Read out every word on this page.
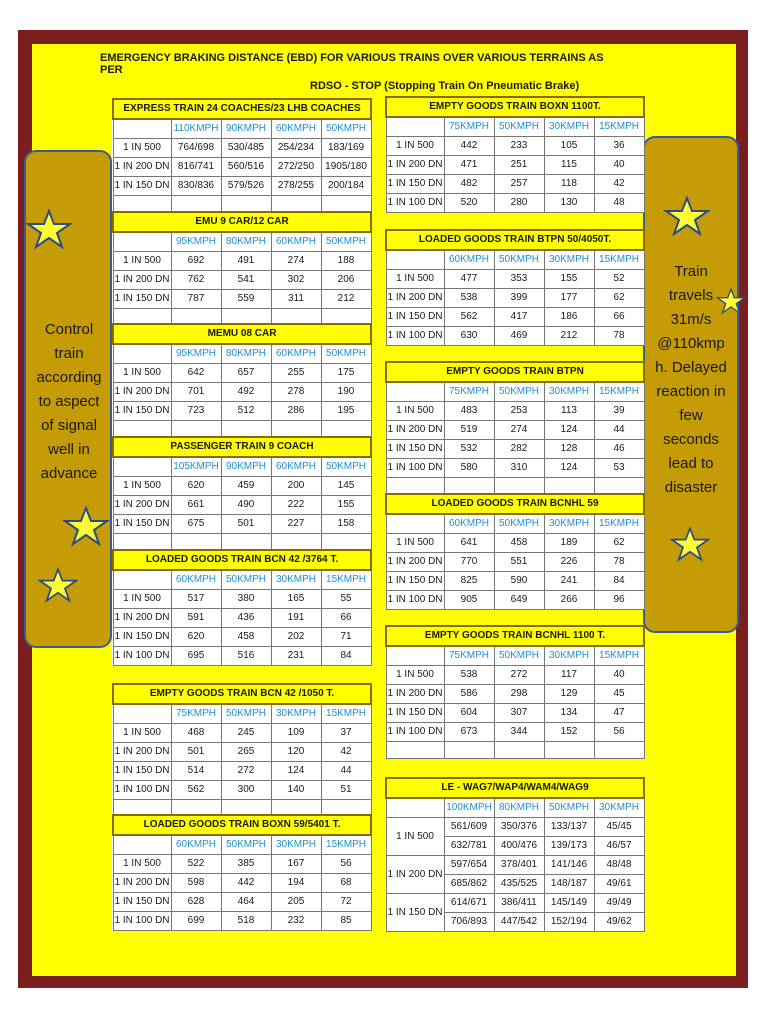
EMERGENCY BRAKING DISTANCE (EBD) FOR VARIOUS TRAINS OVER VARIOUS TERRAINS AS PER
RDSO - STOP (Stopping Train On Pneumatic Brake)
Control
train
according
to aspect
of signal
well in
advance
Train
travels
31m/s
@110kmp
h. Delayed
reaction in
few
seconds
lead to
disaster
EXPRESS TRAIN 24 COACHES/23 LHB COACHES				
	110KMPH	90KMPH	60KMPH	50KMPH
1 IN 500	764/698	530/485	254/234	183/169
1 IN 200 DN	816/741	560/516	272/250	1905/180
1 IN 150 DN	830/836	579/526	278/255	200/184

EMU 9 CAR/12 CAR				
	95KMPH	80KMPH	60KMPH	50KMPH
1 IN 500	692	491	274	188
1 IN 200 DN	762	541	302	206
1 IN 150 DN	787	559	311	212

MEMU 08 CAR				
	95KMPH	80KMPH	60KMPH	50KMPH
1 IN 500	642	657	255	175
1 IN 200 DN	701	492	278	190
1 IN 150 DN	723	512	286	195

PASSENGER TRAIN 9 COACH				
	105KMPH	90KMPH	60KMPH	50KMPH
1 IN 500	620	459	200	145
1 IN 200 DN	661	490	222	155
1 IN 150 DN	675	501	227	158

LOADED GOODS TRAIN BCN 42 /3764 T.				
	60KMPH	50KMPH	30KMPH	15KMPH
1 IN 500	517	380	165	55
1 IN 200 DN	591	436	191	66
1 IN 150 DN	620	458	202	71
1 IN 100 DN	695	516	231	84
EMPTY GOODS TRAIN BCN 42 /1050 T.				
	75KMPH	50KMPH	30KMPH	15KMPH
1 IN 500	468	245	109	37
1 IN 200 DN	501	265	120	42
1 IN 150 DN	514	272	124	44
1 IN 100 DN	562	300	140	51

LOADED GOODS TRAIN BOXN 59/5401 T.				
	60KMPH	50KMPH	30KMPH	15KMPH
1 IN 500	522	385	167	56
1 IN 200 DN	598	442	194	68
1 IN 150 DN	628	464	205	72
1 IN 100 DN	699	518	232	85
EMPTY GOODS TRAIN BOXN 1100T.				
	75KMPH	50KMPH	30KMPH	15KMPH
1 IN 500	442	233	105	36
1 IN 200 DN	471	251	115	40
1 IN 150 DN	482	257	118	42
1 IN 100 DN	520	280	130	48
LOADED GOODS TRAIN BTPN 50/4050T.				
	60KMPH	50KMPH	30KMPH	15KMPH
1 IN 500	477	353	155	52
1 IN 200 DN	538	399	177	62
1 IN 150 DN	562	417	186	66
1 IN 100 DN	630	469	212	78
EMPTY GOODS TRAIN BTPN				
	75KMPH	50KMPH	30KMPH	15KMPH
1 IN 500	483	253	113	39
1 IN 200 DN	519	274	124	44
1 IN 150 DN	532	282	128	46
1 IN 100 DN	580	310	124	53

LOADED GOODS TRAIN BCNHL 59				
	60KMPH	50KMPH	30KMPH	15KMPH
1 IN 500	641	458	189	62
1 IN 200 DN	770	551	226	78
1 IN 150 DN	825	590	241	84
1 IN 100 DN	905	649	266	96
EMPTY GOODS TRAIN BCNHL 1100 T.				
	75KMPH	50KMPH	30KMPH	15KMPH
1 IN 500	538	272	117	40
1 IN 200 DN	586	298	129	45
1 IN 150 DN	604	307	134	47
1 IN 100 DN	673	344	152	56

LE - WAG7/WAP4/WAM4/WAG9				
	100KMPH	80KMPH	50KMPH	30KMPH
1 IN 500	561/609	350/376	133/137	45/45
	632/781	400/476	139/173	46/57
1 IN 200 DN	597/654	378/401	141/146	48/48
	685/862	435/525	148/187	49/61
1 IN 150 DN	614/671	386/411	145/149	49/49
	706/893	447/542	152/194	49/62
